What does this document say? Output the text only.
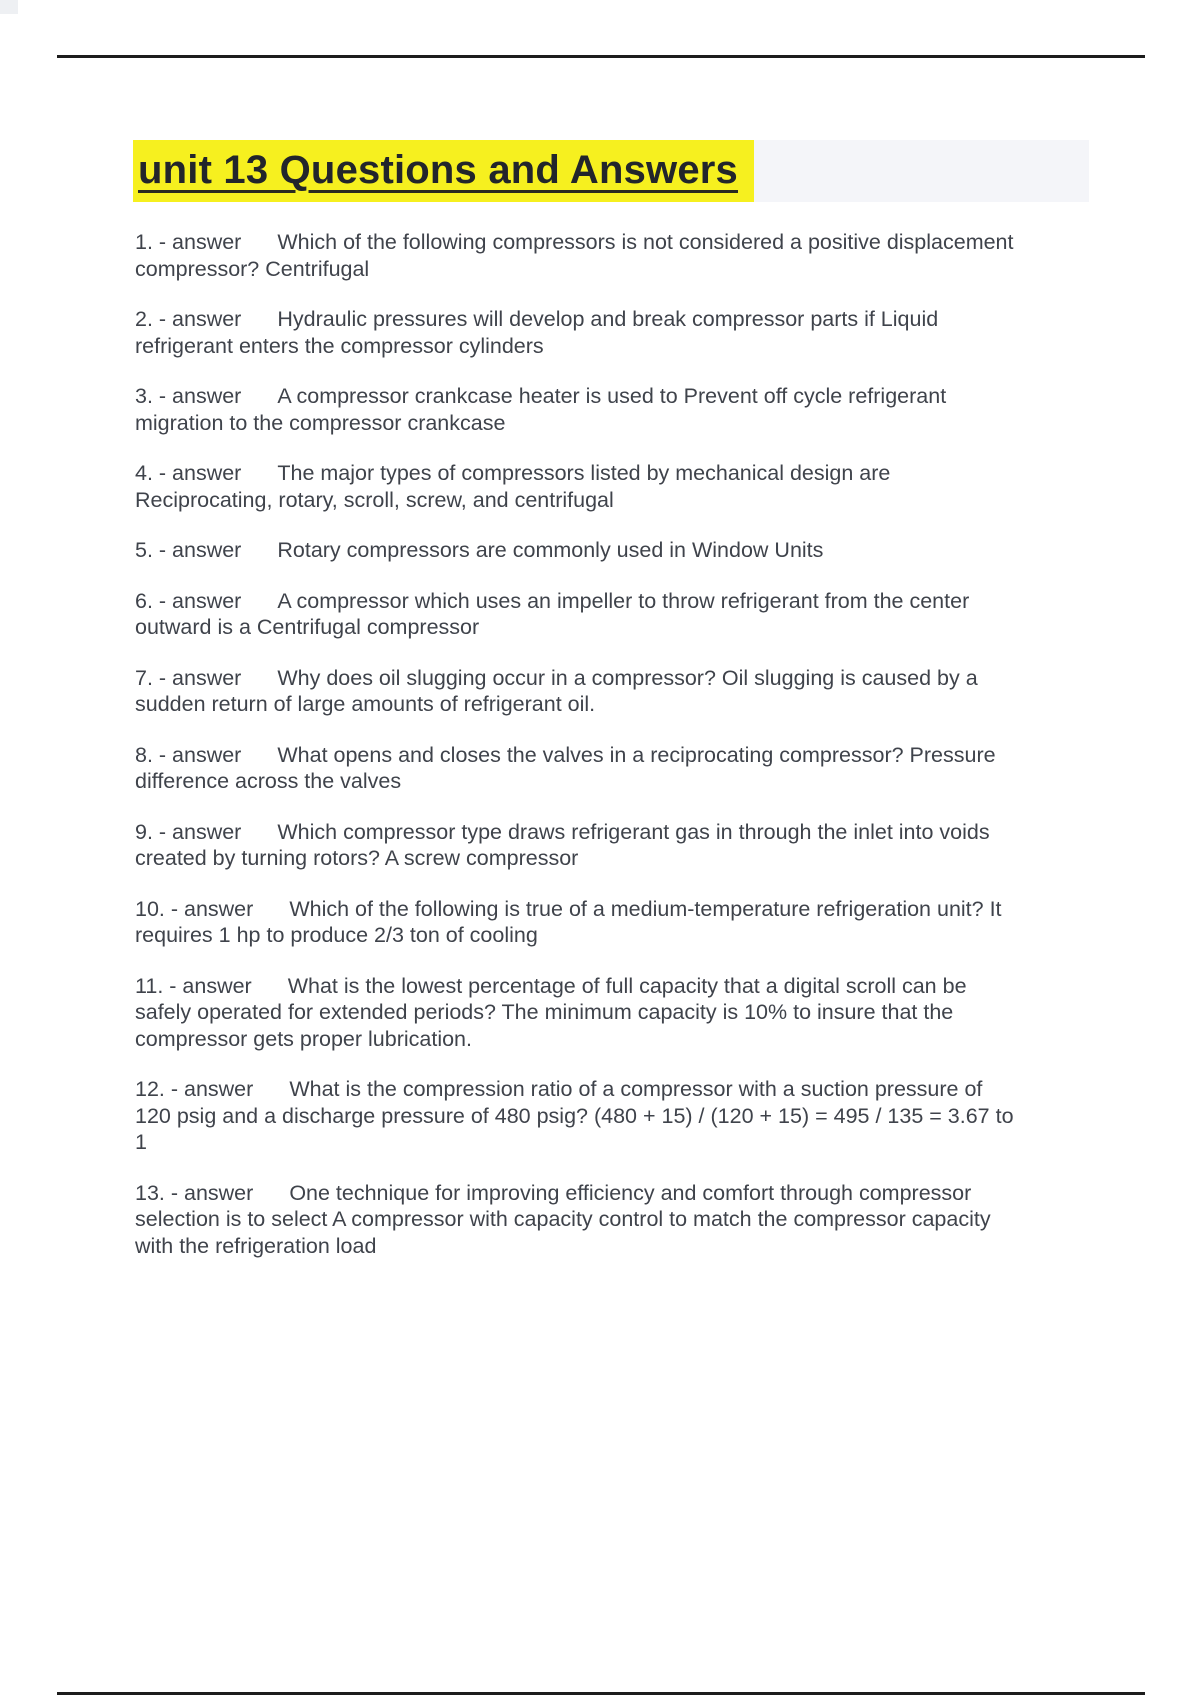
unit 13 Questions and Answers

1. - answer Which of the following compressors is not considered a positive displacement compressor? Centrifugal

2. - answer Hydraulic pressures will develop and break compressor parts if Liquid refrigerant enters the compressor cylinders

3. - answer A compressor crankcase heater is used to Prevent off cycle refrigerant migration to the compressor crankcase

4. - answer The major types of compressors listed by mechanical design are Reciprocating, rotary, scroll, screw, and centrifugal

5. - answer Rotary compressors are commonly used in Window Units

6. - answer A compressor which uses an impeller to throw refrigerant from the center outward is a Centrifugal compressor

7. - answer Why does oil slugging occur in a compressor? Oil slugging is caused by a sudden return of large amounts of refrigerant oil.

8. - answer What opens and closes the valves in a reciprocating compressor? Pressure difference across the valves

9. - answer Which compressor type draws refrigerant gas in through the inlet into voids created by turning rotors? A screw compressor

10. - answer Which of the following is true of a medium-temperature refrigeration unit? It requires 1 hp to produce 2/3 ton of cooling

11. - answer What is the lowest percentage of full capacity that a digital scroll can be safely operated for extended periods? The minimum capacity is 10% to insure that the compressor gets proper lubrication.

12. - answer What is the compression ratio of a compressor with a suction pressure of 120 psig and a discharge pressure of 480 psig? (480 + 15) / (120 + 15) = 495 / 135 = 3.67 to 1

13. - answer One technique for improving efficiency and comfort through compressor selection is to select A compressor with capacity control to match the compressor capacity with the refrigeration load
